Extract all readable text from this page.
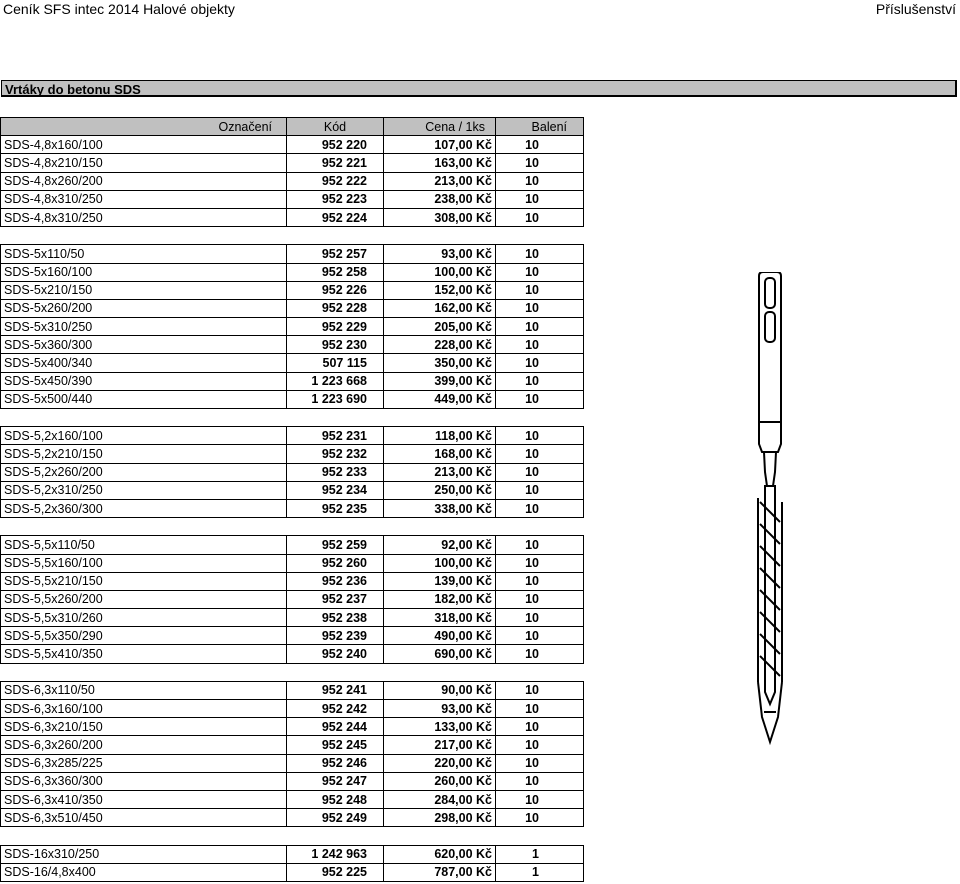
Ceník SFS intec 2014 Halové objekty	Příslušenství
Vrtáky do betonu SDS
Označení	Kód	Cena / 1ks	Balení
SDS-4,8x160/100	952 220	107,00 Kč	10
SDS-4,8x210/150	952 221	163,00 Kč	10
SDS-4,8x260/200	952 222	213,00 Kč	10
SDS-4,8x310/250	952 223	238,00 Kč	10
SDS-4,8x310/250	952 224	308,00 Kč	10

SDS-5x110/50	952 257	93,00 Kč	10
SDS-5x160/100	952 258	100,00 Kč	10
SDS-5x210/150	952 226	152,00 Kč	10
SDS-5x260/200	952 228	162,00 Kč	10
SDS-5x310/250	952 229	205,00 Kč	10
SDS-5x360/300	952 230	228,00 Kč	10
SDS-5x400/340	507 115	350,00 Kč	10
SDS-5x450/390	1 223 668	399,00 Kč	10
SDS-5x500/440	1 223 690	449,00 Kč	10

SDS-5,2x160/100	952 231	118,00 Kč	10
SDS-5,2x210/150	952 232	168,00 Kč	10
SDS-5,2x260/200	952 233	213,00 Kč	10
SDS-5,2x310/250	952 234	250,00 Kč	10
SDS-5,2x360/300	952 235	338,00 Kč	10

SDS-5,5x110/50	952 259	92,00 Kč	10
SDS-5,5x160/100	952 260	100,00 Kč	10
SDS-5,5x210/150	952 236	139,00 Kč	10
SDS-5,5x260/200	952 237	182,00 Kč	10
SDS-5,5x310/260	952 238	318,00 Kč	10
SDS-5,5x350/290	952 239	490,00 Kč	10
SDS-5,5x410/350	952 240	690,00 Kč	10

SDS-6,3x110/50	952 241	90,00 Kč	10
SDS-6,3x160/100	952 242	93,00 Kč	10
SDS-6,3x210/150	952 244	133,00 Kč	10
SDS-6,3x260/200	952 245	217,00 Kč	10
SDS-6,3x285/225	952 246	220,00 Kč	10
SDS-6,3x360/300	952 247	260,00 Kč	10
SDS-6,3x410/350	952 248	284,00 Kč	10
SDS-6,3x510/450	952 249	298,00 Kč	10

SDS-16x310/250	1 242 963	620,00 Kč	1
SDS-16/4,8x400	952 225	787,00 Kč	1
